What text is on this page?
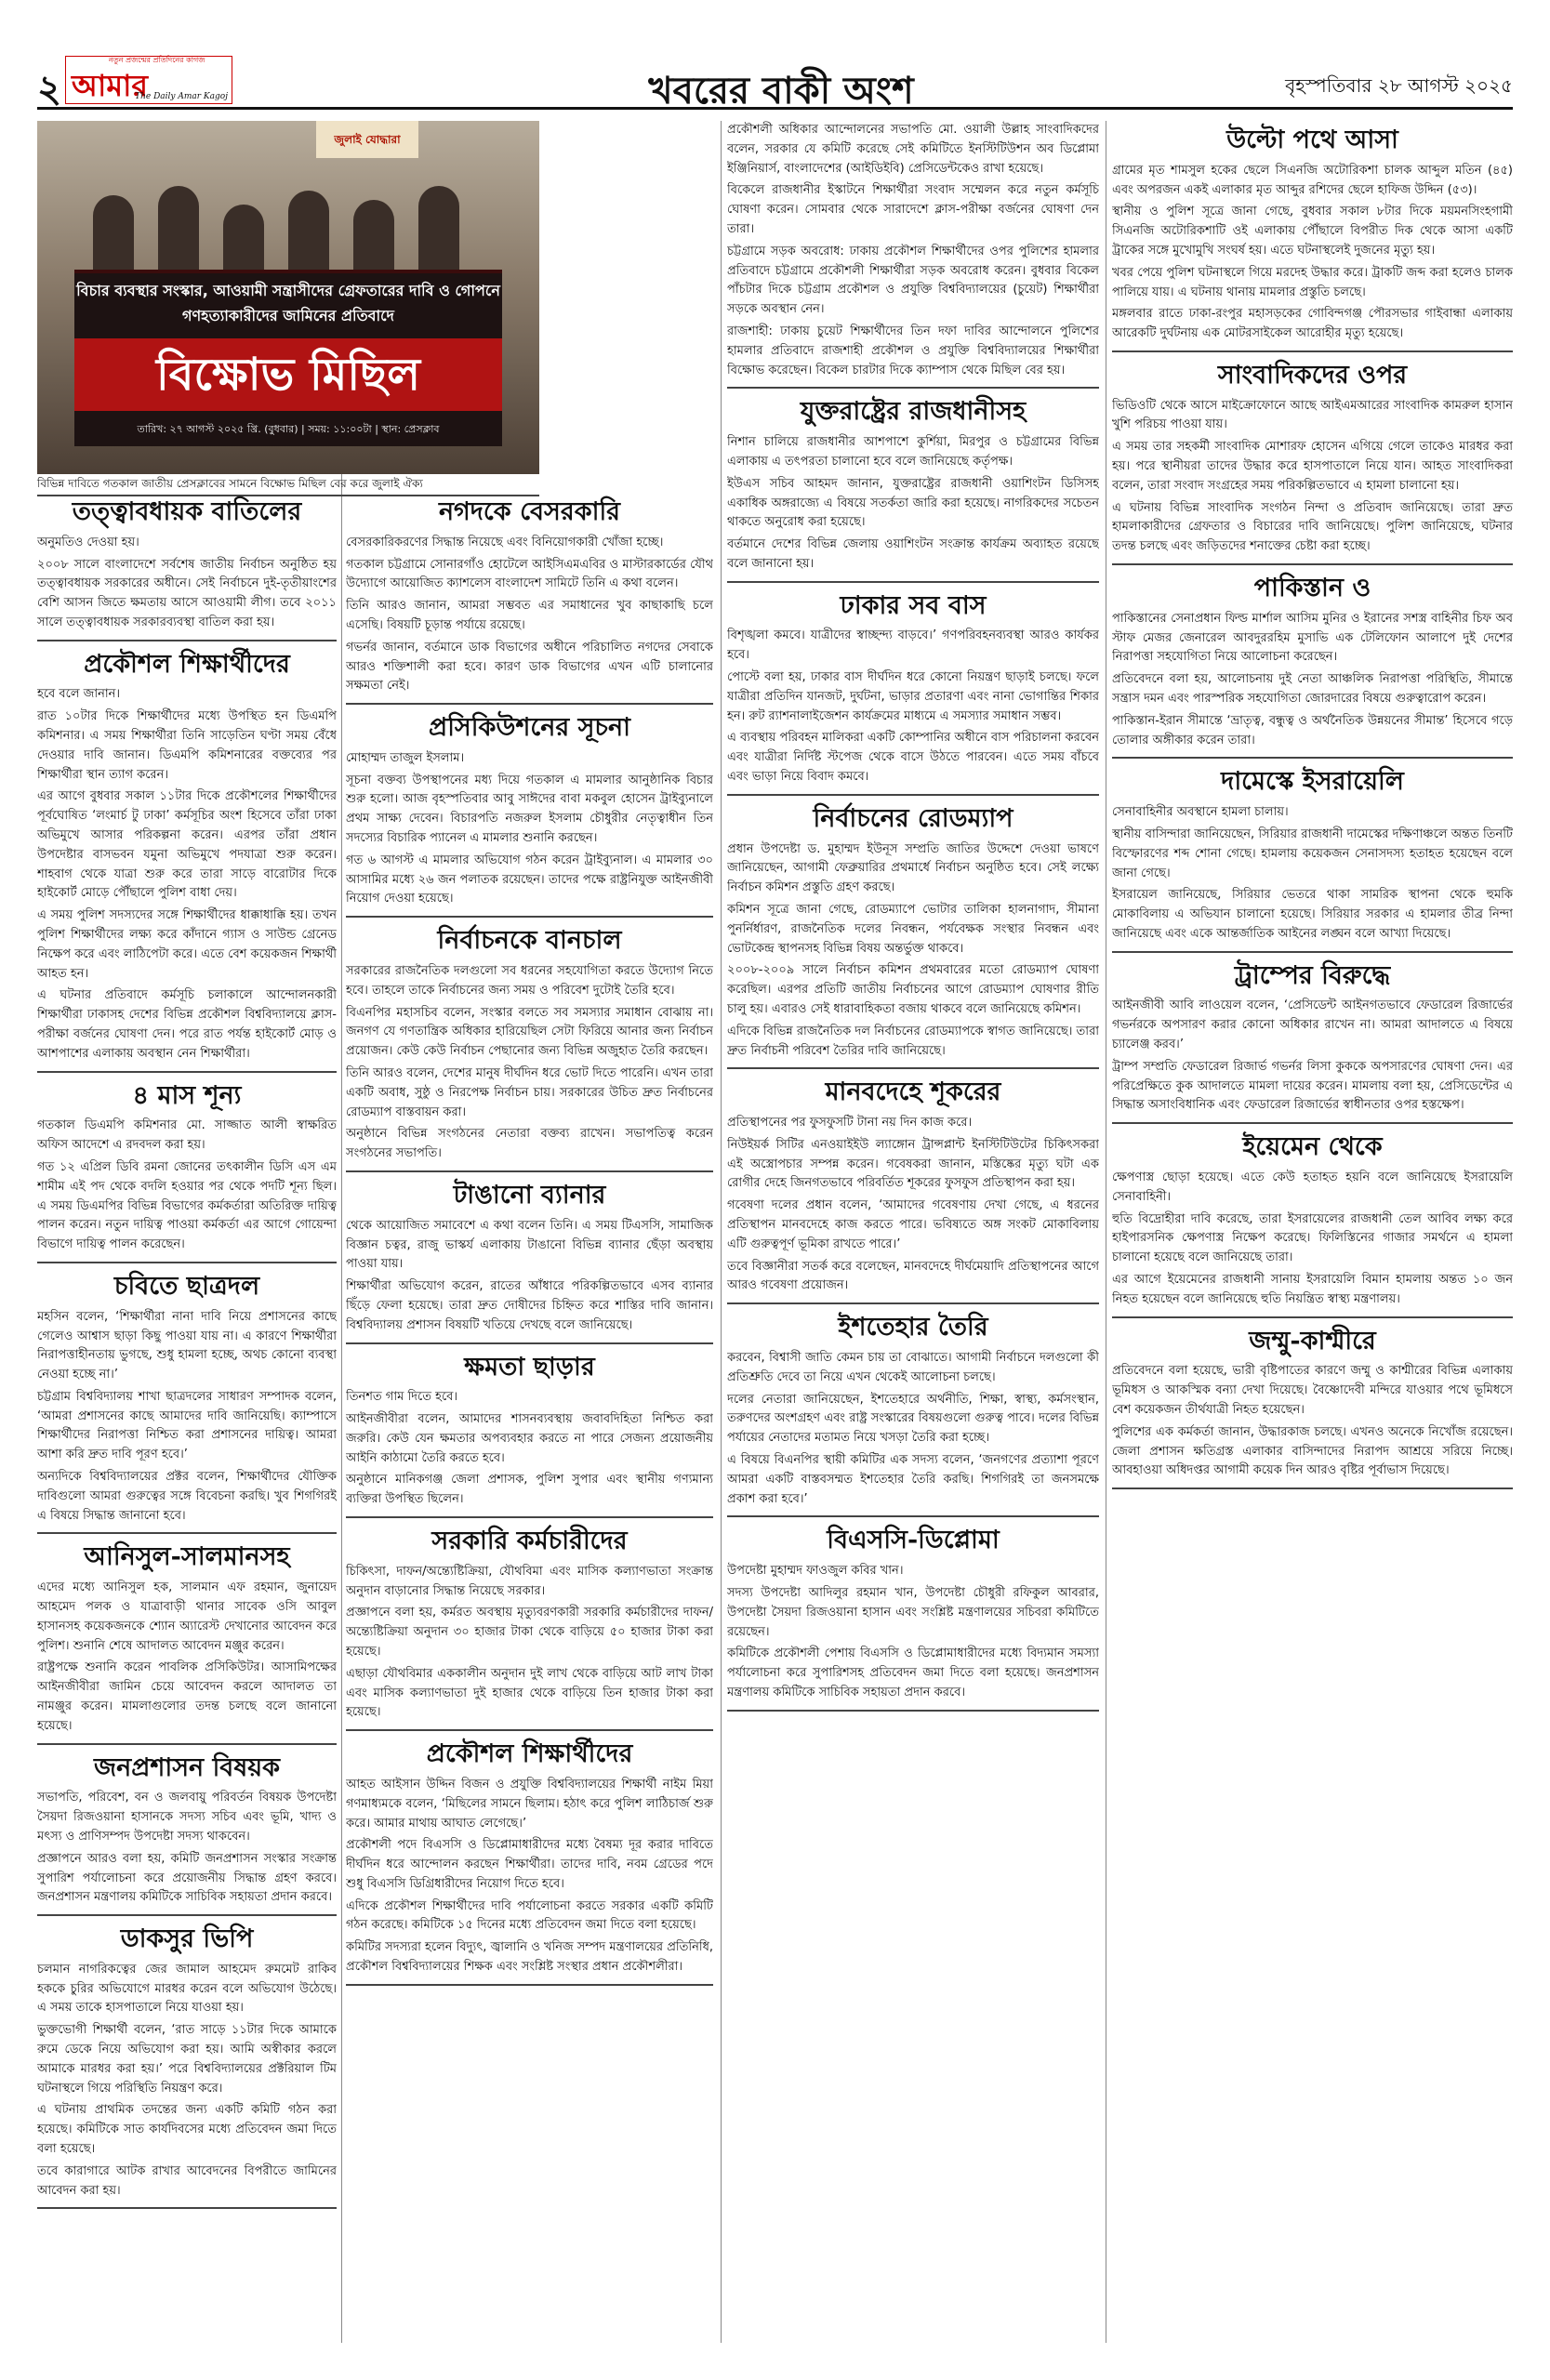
২
নতুন প্রজন্মের প্রতিদিনের কাগজ
আমার
The Daily Amar Kagoj	খবরের বাকী অংশ	বৃহস্পতিবার ২৮ আগস্ট ২০২৫
জুলাই যোদ্ধারা
বিচার ব্যবস্থার সংস্কার, আওয়ামী সন্ত্রাসীদের গ্রেফতারের দাবি ও গোপনে গণহত্যাকারীদের জামিনের প্রতিবাদে
বিক্ষোভ মিছিল
তারিখ: ২৭ আগস্ট ২০২৫ খ্রি. (বুধবার) | সময়: ১১:০০টা | স্থান: প্রেসক্লাব
বিভিন্ন দাবিতে গতকাল জাতীয় প্রেসক্লাবের সামনে বিক্ষোভ মিছিল বের করে জুলাই ঐক্য
তত্ত্বাবধায়ক বাতিলের

অনুমতিও দেওয়া হয়।

২০০৮ সালে বাংলাদেশে সর্বশেষ জাতীয় নির্বাচন অনুষ্ঠিত হয় তত্ত্বাবধায়ক সরকারের অধীনে। সেই নির্বাচনে দুই-তৃতীয়াংশের বেশি আসন জিতে ক্ষমতায় আসে আওয়ামী লীগ। তবে ২০১১ সালে তত্ত্বাবধায়ক সরকারব্যবস্থা বাতিল করা হয়।

প্রকৌশল শিক্ষার্থীদের

হবে বলে জানান।

রাত ১০টার দিকে শিক্ষার্থীদের মধ্যে উপস্থিত হন ডিএমপি কমিশনার। এ সময় শিক্ষার্থীরা তিনি সাড়েতিন ঘণ্টা সময় বেঁধে দেওয়ার দাবি জানান। ডিএমপি কমিশনারের বক্তব্যের পর শিক্ষার্থীরা স্থান ত্যাগ করেন।

এর আগে বুধবার সকাল ১১টার দিকে প্রকৌশলের শিক্ষার্থীদের পূর্বঘোষিত ‘লংমার্চ টু ঢাকা’ কর্মসূচির অংশ হিসেবে তাঁরা ঢাকা অভিমুখে আসার পরিকল্পনা করেন। এরপর তাঁরা প্রধান উপদেষ্টার বাসভবন যমুনা অভিমুখে পদযাত্রা শুরু করেন। শাহবাগ থেকে যাত্রা শুরু করে তারা সাড়ে বারোটার দিকে হাইকোর্ট মোড়ে পৌঁছালে পুলিশ বাধা দেয়।

এ সময় পুলিশ সদস্যদের সঙ্গে শিক্ষার্থীদের ধাক্কাধাক্কি হয়। তখন পুলিশ শিক্ষার্থীদের লক্ষ্য করে কাঁদানে গ্যাস ও সাউন্ড গ্রেনেড নিক্ষেপ করে এবং লাঠিপেটা করে। এতে বেশ কয়েকজন শিক্ষার্থী আহত হন।

এ ঘটনার প্রতিবাদে কর্মসূচি চলাকালে আন্দোলনকারী শিক্ষার্থীরা ঢাকাসহ দেশের বিভিন্ন প্রকৌশল বিশ্ববিদ্যালয়ে ক্লাস-পরীক্ষা বর্জনের ঘোষণা দেন। পরে রাত পর্যন্ত হাইকোর্ট মোড় ও আশপাশের এলাকায় অবস্থান নেন শিক্ষার্থীরা।

৪ মাস শূন্য

গতকাল ডিএমপি কমিশনার মো. সাজ্জাত আলী স্বাক্ষরিত অফিস আদেশে এ রদবদল করা হয়।

গত ১২ এপ্রিল ডিবি রমনা জোনের তৎকালীন ডিসি এস এম শামীম এই পদ থেকে বদলি হওয়ার পর থেকে পদটি শূন্য ছিল। এ সময় ডিএমপির বিভিন্ন বিভাগের কর্মকর্তারা অতিরিক্ত দায়িত্ব পালন করেন। নতুন দায়িত্ব পাওয়া কর্মকর্তা এর আগে গোয়েন্দা বিভাগে দায়িত্ব পালন করেছেন।

চবিতে ছাত্রদল

মহসিন বলেন, ‘শিক্ষার্থীরা নানা দাবি নিয়ে প্রশাসনের কাছে গেলেও আশ্বাস ছাড়া কিছু পাওয়া যায় না। এ কারণে শিক্ষার্থীরা নিরাপত্তাহীনতায় ভুগছে, শুধু হামলা হচ্ছে, অথচ কোনো ব্যবস্থা নেওয়া হচ্ছে না।’

চট্টগ্রাম বিশ্ববিদ্যালয় শাখা ছাত্রদলের সাধারণ সম্পাদক বলেন, ‘আমরা প্রশাসনের কাছে আমাদের দাবি জানিয়েছি। ক্যাম্পাসে শিক্ষার্থীদের নিরাপত্তা নিশ্চিত করা প্রশাসনের দায়িত্ব। আমরা আশা করি দ্রুত দাবি পূরণ হবে।’

অন্যদিকে বিশ্ববিদ্যালয়ের প্রক্টর বলেন, শিক্ষার্থীদের যৌক্তিক দাবিগুলো আমরা গুরুত্বের সঙ্গে বিবেচনা করছি। খুব শিগগিরই এ বিষয়ে সিদ্ধান্ত জানানো হবে।

আনিসুল-সালমানসহ

এদের মধ্যে আনিসুল হক, সালমান এফ রহমান, জুনায়েদ আহমেদ পলক ও যাত্রাবাড়ী থানার সাবেক ওসি আবুল হাসানসহ কয়েকজনকে শ্যোন অ্যারেস্ট দেখানোর আবেদন করে পুলিশ। শুনানি শেষে আদালত আবেদন মঞ্জুর করেন।

রাষ্ট্রপক্ষে শুনানি করেন পাবলিক প্রসিকিউটর। আসামিপক্ষের আইনজীবীরা জামিন চেয়ে আবেদন করলে আদালত তা নামঞ্জুর করেন। মামলাগুলোর তদন্ত চলছে বলে জানানো হয়েছে।

জনপ্রশাসন বিষয়ক

সভাপতি, পরিবেশ, বন ও জলবায়ু পরিবর্তন বিষয়ক উপদেষ্টা সৈয়দা রিজওয়ানা হাসানকে সদস্য সচিব এবং ভূমি, খাদ্য ও মৎস্য ও প্রাণিসম্পদ উপদেষ্টা সদস্য থাকবেন।

প্রজ্ঞাপনে আরও বলা হয়, কমিটি জনপ্রশাসন সংস্কার সংক্রান্ত সুপারিশ পর্যালোচনা করে প্রয়োজনীয় সিদ্ধান্ত গ্রহণ করবে। জনপ্রশাসন মন্ত্রণালয় কমিটিকে সাচিবিক সহায়তা প্রদান করবে।

ডাকসুর ভিপি

চলমান নাগরিকত্বের জের জামাল আহমেদ রুমমেট রাকিব হককে চুরির অভিযোগে মারধর করেন বলে অভিযোগ উঠেছে। এ সময় তাকে হাসপাতালে নিয়ে যাওয়া হয়।

ভুক্তভোগী শিক্ষার্থী বলেন, ‘রাত সাড়ে ১১টার দিকে আমাকে রুমে ডেকে নিয়ে অভিযোগ করা হয়। আমি অস্বীকার করলে আমাকে মারধর করা হয়।’ পরে বিশ্ববিদ্যালয়ের প্রক্টরিয়াল টিম ঘটনাস্থলে গিয়ে পরিস্থিতি নিয়ন্ত্রণ করে।

এ ঘটনায় প্রাথমিক তদন্তের জন্য একটি কমিটি গঠন করা হয়েছে। কমিটিকে সাত কার্যদিবসের মধ্যে প্রতিবেদন জমা দিতে বলা হয়েছে।

তবে কারাগারে আটক রাখার আবেদনের বিপরীতে জামিনের আবেদন করা হয়।

নগদকে বেসরকারি

বেসরকারিকরণের সিদ্ধান্ত নিয়েছে এবং বিনিয়োগকারী খোঁজা হচ্ছে।

গতকাল চট্টগ্রামে সোনারগাঁও হোটেলে আইসিএমএবির ও মাস্টারকার্ডের যৌথ উদ্যোগে আয়োজিত ক্যাশলেস বাংলাদেশ সামিটে তিনি এ কথা বলেন।

তিনি আরও জানান, আমরা সম্ভবত এর সমাধানের খুব কাছাকাছি চলে এসেছি। বিষয়টি চূড়ান্ত পর্যায়ে রয়েছে।

গভর্নর জানান, বর্তমানে ডাক বিভাগের অধীনে পরিচালিত নগদের সেবাকে আরও শক্তিশালী করা হবে। কারণ ডাক বিভাগের এখন এটি চালানোর সক্ষমতা নেই।

প্রসিকিউশনের সূচনা

মোহাম্মদ তাজুল ইসলাম।

সূচনা বক্তব্য উপস্থাপনের মধ্য দিয়ে গতকাল এ মামলার আনুষ্ঠানিক বিচার শুরু হলো। আজ বৃহস্পতিবার আবু সাঈদের বাবা মকবুল হোসেন ট্রাইব্যুনালে প্রথম সাক্ষ্য দেবেন। বিচারপতি নজরুল ইসলাম চৌধুরীর নেতৃত্বাধীন তিন সদস্যের বিচারিক প্যানেল এ মামলার শুনানি করছেন।

গত ৬ আগস্ট এ মামলার অভিযোগ গঠন করেন ট্রাইব্যুনাল। এ মামলার ৩০ আসামির মধ্যে ২৬ জন পলাতক রয়েছেন। তাদের পক্ষে রাষ্ট্রনিযুক্ত আইনজীবী নিয়োগ দেওয়া হয়েছে।

নির্বাচনকে বানচাল

সরকারের রাজনৈতিক দলগুলো সব ধরনের সহযোগিতা করতে উদ্যোগ নিতে হবে। তাহলে তাকে নির্বাচনের জন্য সময় ও পরিবেশ দুটোই তৈরি হবে।

বিএনপির মহাসচিব বলেন, সংস্কার বলতে সব সমস্যার সমাধান বোঝায় না। জনগণ যে গণতান্ত্রিক অধিকার হারিয়েছিল সেটা ফিরিয়ে আনার জন্য নির্বাচন প্রয়োজন। কেউ কেউ নির্বাচন পেছানোর জন্য বিভিন্ন অজুহাত তৈরি করছেন।

তিনি আরও বলেন, দেশের মানুষ দীর্ঘদিন ধরে ভোট দিতে পারেনি। এখন তারা একটি অবাধ, সুষ্ঠু ও নিরপেক্ষ নির্বাচন চায়। সরকারের উচিত দ্রুত নির্বাচনের রোডম্যাপ বাস্তবায়ন করা।

অনুষ্ঠানে বিভিন্ন সংগঠনের নেতারা বক্তব্য রাখেন। সভাপতিত্ব করেন সংগঠনের সভাপতি।

টাঙানো ব্যানার

থেকে আয়োজিত সমাবেশে এ কথা বলেন তিনি। এ সময় টিএসসি, সামাজিক বিজ্ঞান চত্বর, রাজু ভাস্কর্য এলাকায় টাঙানো বিভিন্ন ব্যানার ছেঁড়া অবস্থায় পাওয়া যায়।

শিক্ষার্থীরা অভিযোগ করেন, রাতের আঁধারে পরিকল্পিতভাবে এসব ব্যানার ছিঁড়ে ফেলা হয়েছে। তারা দ্রুত দোষীদের চিহ্নিত করে শাস্তির দাবি জানান। বিশ্ববিদ্যালয় প্রশাসন বিষয়টি খতিয়ে দেখছে বলে জানিয়েছে।

ক্ষমতা ছাড়ার

তিনশত গাম দিতে হবে।

আইনজীবীরা বলেন, আমাদের শাসনব্যবস্থায় জবাবদিহিতা নিশ্চিত করা জরুরি। কেউ যেন ক্ষমতার অপব্যবহার করতে না পারে সেজন্য প্রয়োজনীয় আইনি কাঠামো তৈরি করতে হবে।

অনুষ্ঠানে মানিকগঞ্জ জেলা প্রশাসক, পুলিশ সুপার এবং স্থানীয় গণ্যমান্য ব্যক্তিরা উপস্থিত ছিলেন।

সরকারি কর্মচারীদের

চিকিৎসা, দাফন/অন্ত্যেষ্টিক্রিয়া, যৌথবিমা এবং মাসিক কল্যাণভাতা সংক্রান্ত অনুদান বাড়ানোর সিদ্ধান্ত নিয়েছে সরকার।

প্রজ্ঞাপনে বলা হয়, কর্মরত অবস্থায় মৃত্যুবরণকারী সরকারি কর্মচারীদের দাফন/অন্ত্যেষ্টিক্রিয়া অনুদান ৩০ হাজার টাকা থেকে বাড়িয়ে ৫০ হাজার টাকা করা হয়েছে।

এছাড়া যৌথবিমার এককালীন অনুদান দুই লাখ থেকে বাড়িয়ে আট লাখ টাকা এবং মাসিক কল্যাণভাতা দুই হাজার থেকে বাড়িয়ে তিন হাজার টাকা করা হয়েছে।

প্রকৌশল শিক্ষার্থীদের

আহত আইসান উদ্দিন বিজন ও প্রযুক্তি বিশ্ববিদ্যালয়ের শিক্ষার্থী নাইম মিয়া গণমাধ্যমকে বলেন, ‘মিছিলের সামনে ছিলাম। হঠাৎ করে পুলিশ লাঠিচার্জ শুরু করে। আমার মাথায় আঘাত লেগেছে।’

প্রকৌশলী পদে বিএসসি ও ডিপ্লোমাধারীদের মধ্যে বৈষম্য দূর করার দাবিতে দীর্ঘদিন ধরে আন্দোলন করছেন শিক্ষার্থীরা। তাদের দাবি, নবম গ্রেডের পদে শুধু বিএসসি ডিগ্রিধারীদের নিয়োগ দিতে হবে।

এদিকে প্রকৌশল শিক্ষার্থীদের দাবি পর্যালোচনা করতে সরকার একটি কমিটি গঠন করেছে। কমিটিকে ১৫ দিনের মধ্যে প্রতিবেদন জমা দিতে বলা হয়েছে।

কমিটির সদস্যরা হলেন বিদ্যুৎ, জ্বালানি ও খনিজ সম্পদ মন্ত্রণালয়ের প্রতিনিধি, প্রকৌশল বিশ্ববিদ্যালয়ের শিক্ষক এবং সংশ্লিষ্ট সংস্থার প্রধান প্রকৌশলীরা।

প্রকৌশলী অধিকার আন্দোলনের সভাপতি মো. ওয়ালী উল্লাহ সাংবাদিকদের বলেন, সরকার যে কমিটি করেছে সেই কমিটিতে ইনস্টিটিউশন অব ডিপ্লোমা ইঞ্জিনিয়ার্স, বাংলাদেশের (আইডিইবি) প্রেসিডেন্টকেও রাখা হয়েছে।

বিকেলে রাজধানীর ইস্কাটনে শিক্ষার্থীরা সংবাদ সম্মেলন করে নতুন কর্মসূচি ঘোষণা করেন। সোমবার থেকে সারাদেশে ক্লাস-পরীক্ষা বর্জনের ঘোষণা দেন তারা।

চট্টগ্রামে সড়ক অবরোধ: ঢাকায় প্রকৌশল শিক্ষার্থীদের ওপর পুলিশের হামলার প্রতিবাদে চট্টগ্রামে প্রকৌশলী শিক্ষার্থীরা সড়ক অবরোধ করেন। বুধবার বিকেল পাঁচটার দিকে চট্টগ্রাম প্রকৌশল ও প্রযুক্তি বিশ্ববিদ্যালয়ের (চুয়েট) শিক্ষার্থীরা সড়কে অবস্থান নেন।

রাজশাহী: ঢাকায় চুয়েট শিক্ষার্থীদের তিন দফা দাবির আন্দোলনে পুলিশের হামলার প্রতিবাদে রাজশাহী প্রকৌশল ও প্রযুক্তি বিশ্ববিদ্যালয়ের শিক্ষার্থীরা বিক্ষোভ করেছেন। বিকেল চারটার দিকে ক্যাম্পাস থেকে মিছিল বের হয়।

যুক্তরাষ্ট্রের রাজধানীসহ

নিশান চালিয়ে রাজধানীর আশপাশে কুর্শিয়া, মিরপুর ও চট্টগ্রামের বিভিন্ন এলাকায় এ তৎপরতা চালানো হবে বলে জানিয়েছে কর্তৃপক্ষ।

ইউএস সচিব আহমদ জানান, যুক্তরাষ্ট্রের রাজধানী ওয়াশিংটন ডিসিসহ একাধিক অঙ্গরাজ্যে এ বিষয়ে সতর্কতা জারি করা হয়েছে। নাগরিকদের সচেতন থাকতে অনুরোধ করা হয়েছে।

বর্তমানে দেশের বিভিন্ন জেলায় ওয়াশিংটন সংক্রান্ত কার্যক্রম অব্যাহত রয়েছে বলে জানানো হয়।

ঢাকার সব বাস

বিশৃঙ্খলা কমবে। যাত্রীদের স্বাচ্ছন্দ্য বাড়বে।’ গণপরিবহনব্যবস্থা আরও কার্যকর হবে।

পোস্টে বলা হয়, ঢাকার বাস দীর্ঘদিন ধরে কোনো নিয়ন্ত্রণ ছাড়াই চলছে। ফলে যাত্রীরা প্রতিদিন যানজট, দুর্ঘটনা, ভাড়ার প্রতারণা এবং নানা ভোগান্তির শিকার হন। রুট র‌্যাশনালাইজেশন কার্যক্রমের মাধ্যমে এ সমস্যার সমাধান সম্ভব।

এ ব্যবস্থায় পরিবহন মালিকরা একটি কোম্পানির অধীনে বাস পরিচালনা করবেন এবং যাত্রীরা নির্দিষ্ট স্টপেজ থেকে বাসে উঠতে পারবেন। এতে সময় বাঁচবে এবং ভাড়া নিয়ে বিবাদ কমবে।

নির্বাচনের রোডম্যাপ

প্রধান উপদেষ্টা ড. মুহাম্মদ ইউনূস সম্প্রতি জাতির উদ্দেশে দেওয়া ভাষণে জানিয়েছেন, আগামী ফেব্রুয়ারির প্রথমার্ধে নির্বাচন অনুষ্ঠিত হবে। সেই লক্ষ্যে নির্বাচন কমিশন প্রস্তুতি গ্রহণ করছে।

কমিশন সূত্রে জানা গেছে, রোডম্যাপে ভোটার তালিকা হালনাগাদ, সীমানা পুনর্নির্ধারণ, রাজনৈতিক দলের নিবন্ধন, পর্যবেক্ষক সংস্থার নিবন্ধন এবং ভোটকেন্দ্র স্থাপনসহ বিভিন্ন বিষয় অন্তর্ভুক্ত থাকবে।

২০০৮-২০০৯ সালে নির্বাচন কমিশন প্রথমবারের মতো রোডম্যাপ ঘোষণা করেছিল। এরপর প্রতিটি জাতীয় নির্বাচনের আগে রোডম্যাপ ঘোষণার রীতি চালু হয়। এবারও সেই ধারাবাহিকতা বজায় থাকবে বলে জানিয়েছে কমিশন।

এদিকে বিভিন্ন রাজনৈতিক দল নির্বাচনের রোডম্যাপকে স্বাগত জানিয়েছে। তারা দ্রুত নির্বাচনী পরিবেশ তৈরির দাবি জানিয়েছে।

মানবদেহে শূকরের

প্রতিস্থাপনের পর ফুসফুসটি টানা নয় দিন কাজ করে।

নিউইয়র্ক সিটির এনওয়াইইউ ল্যাঙ্গোন ট্রান্সপ্লান্ট ইনস্টিটিউটের চিকিৎসকরা এই অস্ত্রোপচার সম্পন্ন করেন। গবেষকরা জানান, মস্তিষ্কের মৃত্যু ঘটা এক রোগীর দেহে জিনগতভাবে পরিবর্তিত শূকরের ফুসফুস প্রতিস্থাপন করা হয়।

গবেষণা দলের প্রধান বলেন, ‘আমাদের গবেষণায় দেখা গেছে, এ ধরনের প্রতিস্থাপন মানবদেহে কাজ করতে পারে। ভবিষ্যতে অঙ্গ সংকট মোকাবিলায় এটি গুরুত্বপূর্ণ ভূমিকা রাখতে পারে।’

তবে বিজ্ঞানীরা সতর্ক করে বলেছেন, মানবদেহে দীর্ঘমেয়াদি প্রতিস্থাপনের আগে আরও গবেষণা প্রয়োজন।

ইশতেহার তৈরি

করবেন, বিশ্বাসী জাতি কেমন চায় তা বোঝাতে। আগামী নির্বাচনে দলগুলো কী প্রতিশ্রুতি দেবে তা নিয়ে এখন থেকেই আলোচনা চলছে।

দলের নেতারা জানিয়েছেন, ইশতেহারে অর্থনীতি, শিক্ষা, স্বাস্থ্য, কর্মসংস্থান, তরুণদের অংশগ্রহণ এবং রাষ্ট্র সংস্কারের বিষয়গুলো গুরুত্ব পাবে। দলের বিভিন্ন পর্যায়ের নেতাদের মতামত নিয়ে খসড়া তৈরি করা হচ্ছে।

এ বিষয়ে বিএনপির স্থায়ী কমিটির এক সদস্য বলেন, ‘জনগণের প্রত্যাশা পূরণে আমরা একটি বাস্তবসম্মত ইশতেহার তৈরি করছি। শিগগিরই তা জনসমক্ষে প্রকাশ করা হবে।’

বিএসসি-ডিপ্লোমা

উপদেষ্টা মুহাম্মদ ফাওজুল কবির খান।

সদস্য উপদেষ্টা আদিলুর রহমান খান, উপদেষ্টা চৌধুরী রফিকুল আবরার, উপদেষ্টা সৈয়দা রিজওয়ানা হাসান এবং সংশ্লিষ্ট মন্ত্রণালয়ের সচিবরা কমিটিতে রয়েছেন।

কমিটিকে প্রকৌশলী পেশায় বিএসসি ও ডিপ্লোমাধারীদের মধ্যে বিদ্যমান সমস্যা পর্যালোচনা করে সুপারিশসহ প্রতিবেদন জমা দিতে বলা হয়েছে। জনপ্রশাসন মন্ত্রণালয় কমিটিকে সাচিবিক সহায়তা প্রদান করবে।

উল্টো পথে আসা

গ্রামের মৃত শামসুল হকের ছেলে সিএনজি অটোরিকশা চালক আব্দুল মতিন (৪৫) এবং অপরজন একই এলাকার মৃত আব্দুর রশিদের ছেলে হাফিজ উদ্দিন (৫৩)।

স্থানীয় ও পুলিশ সূত্রে জানা গেছে, বুধবার সকাল ৮টার দিকে ময়মনসিংহগামী সিএনজি অটোরিকশাটি ওই এলাকায় পৌঁছালে বিপরীত দিক থেকে আসা একটি ট্রাকের সঙ্গে মুখোমুখি সংঘর্ষ হয়। এতে ঘটনাস্থলেই দুজনের মৃত্যু হয়।

খবর পেয়ে পুলিশ ঘটনাস্থলে গিয়ে মরদেহ উদ্ধার করে। ট্রাকটি জব্দ করা হলেও চালক পালিয়ে যায়। এ ঘটনায় থানায় মামলার প্রস্তুতি চলছে।

মঙ্গলবার রাতে ঢাকা-রংপুর মহাসড়কের গোবিন্দগঞ্জ পৌরসভার গাইবান্ধা এলাকায় আরেকটি দুর্ঘটনায় এক মোটরসাইকেল আরোহীর মৃত্যু হয়েছে।

সাংবাদিকদের ওপর

ভিডিওটি থেকে আসে মাইক্রোফোনে আছে আইএমআরের সাংবাদিক কামরুল হাসান খুশি পরিচয় পাওয়া যায়।

এ সময় তার সহকর্মী সাংবাদিক মোশারফ হোসেন এগিয়ে গেলে তাকেও মারধর করা হয়। পরে স্থানীয়রা তাদের উদ্ধার করে হাসপাতালে নিয়ে যান। আহত সাংবাদিকরা বলেন, তারা সংবাদ সংগ্রহের সময় পরিকল্পিতভাবে এ হামলা চালানো হয়।

এ ঘটনায় বিভিন্ন সাংবাদিক সংগঠন নিন্দা ও প্রতিবাদ জানিয়েছে। তারা দ্রুত হামলাকারীদের গ্রেফতার ও বিচারের দাবি জানিয়েছে। পুলিশ জানিয়েছে, ঘটনার তদন্ত চলছে এবং জড়িতদের শনাক্তের চেষ্টা করা হচ্ছে।

পাকিস্তান ও

পাকিস্তানের সেনাপ্রধান ফিল্ড মার্শাল আসিম মুনির ও ইরানের সশস্ত্র বাহিনীর চিফ অব স্টাফ মেজর জেনারেল আবদুররহিম মুসাভি এক টেলিফোন আলাপে দুই দেশের নিরাপত্তা সহযোগিতা নিয়ে আলোচনা করেছেন।

প্রতিবেদনে বলা হয়, আলোচনায় দুই নেতা আঞ্চলিক নিরাপত্তা পরিস্থিতি, সীমান্তে সন্ত্রাস দমন এবং পারস্পরিক সহযোগিতা জোরদারের বিষয়ে গুরুত্বারোপ করেন।

পাকিস্তান-ইরান সীমান্তে ‘ভ্রাতৃত্ব, বন্ধুত্ব ও অর্থনৈতিক উন্নয়নের সীমান্ত’ হিসেবে গড়ে তোলার অঙ্গীকার করেন তারা।

দামেস্কে ইসরায়েলি

সেনাবাহিনীর অবস্থানে হামলা চালায়।

স্থানীয় বাসিন্দারা জানিয়েছেন, সিরিয়ার রাজধানী দামেস্কের দক্ষিণাঞ্চলে অন্তত তিনটি বিস্ফোরণের শব্দ শোনা গেছে। হামলায় কয়েকজন সেনাসদস্য হতাহত হয়েছেন বলে জানা গেছে।

ইসরায়েল জানিয়েছে, সিরিয়ার ভেতরে থাকা সামরিক স্থাপনা থেকে হুমকি মোকাবিলায় এ অভিযান চালানো হয়েছে। সিরিয়ার সরকার এ হামলার তীব্র নিন্দা জানিয়েছে এবং একে আন্তর্জাতিক আইনের লঙ্ঘন বলে আখ্যা দিয়েছে।

ট্রাম্পের বিরুদ্ধে

আইনজীবী আবি লাওয়েল বলেন, ‘প্রেসিডেন্ট আইনগতভাবে ফেডারেল রিজার্ভের গভর্নরকে অপসারণ করার কোনো অধিকার রাখেন না। আমরা আদালতে এ বিষয়ে চ্যালেঞ্জ করব।’

ট্রাম্প সম্প্রতি ফেডারেল রিজার্ভ গভর্নর লিসা কুককে অপসারণের ঘোষণা দেন। এর পরিপ্রেক্ষিতে কুক আদালতে মামলা দায়ের করেন। মামলায় বলা হয়, প্রেসিডেন্টের এ সিদ্ধান্ত অসাংবিধানিক এবং ফেডারেল রিজার্ভের স্বাধীনতার ওপর হস্তক্ষেপ।

ইয়েমেন থেকে

ক্ষেপণাস্ত্র ছোড়া হয়েছে। এতে কেউ হতাহত হয়নি বলে জানিয়েছে ইসরায়েলি সেনাবাহিনী।

হুতি বিদ্রোহীরা দাবি করেছে, তারা ইসরায়েলের রাজধানী তেল আবিব লক্ষ্য করে হাইপারসনিক ক্ষেপণাস্ত্র নিক্ষেপ করেছে। ফিলিস্তিনের গাজার সমর্থনে এ হামলা চালানো হয়েছে বলে জানিয়েছে তারা।

এর আগে ইয়েমেনের রাজধানী সানায় ইসরায়েলি বিমান হামলায় অন্তত ১০ জন নিহত হয়েছেন বলে জানিয়েছে হুতি নিয়ন্ত্রিত স্বাস্থ্য মন্ত্রণালয়।

জম্মু-কাশ্মীরে

প্রতিবেদনে বলা হয়েছে, ভারী বৃষ্টিপাতের কারণে জম্মু ও কাশ্মীরের বিভিন্ন এলাকায় ভূমিধস ও আকস্মিক বন্যা দেখা দিয়েছে। বৈষ্ণোদেবী মন্দিরে যাওয়ার পথে ভূমিধসে বেশ কয়েকজন তীর্থযাত্রী নিহত হয়েছেন।

পুলিশের এক কর্মকর্তা জানান, উদ্ধারকাজ চলছে। এখনও অনেকে নিখোঁজ রয়েছেন। জেলা প্রশাসন ক্ষতিগ্রস্ত এলাকার বাসিন্দাদের নিরাপদ আশ্রয়ে সরিয়ে নিচ্ছে। আবহাওয়া অধিদপ্তর আগামী কয়েক দিন আরও বৃষ্টির পূর্বাভাস দিয়েছে।
